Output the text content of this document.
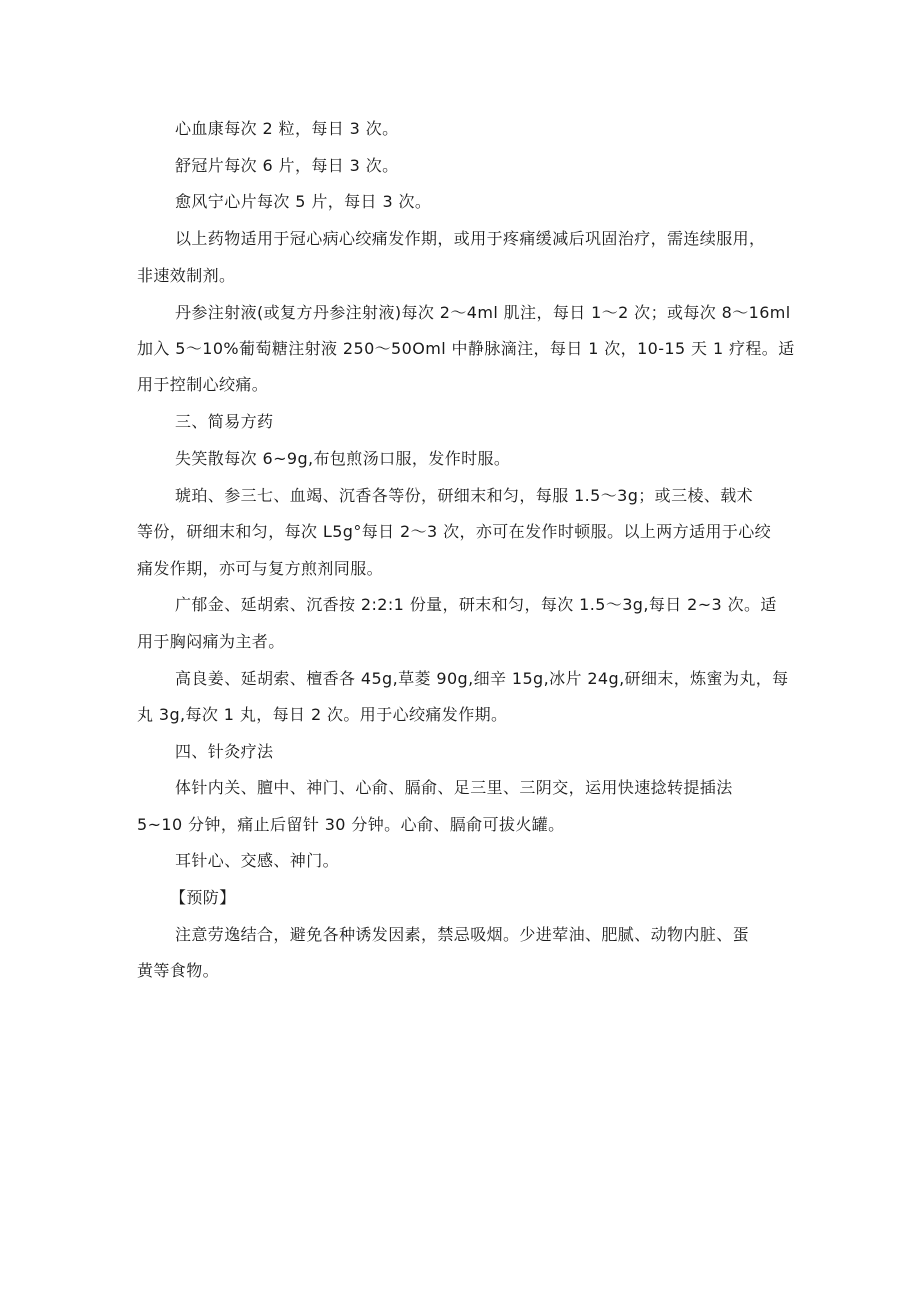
心血康每次 2 粒，每日 3 次。
舒冠片每次 6 片，每日 3 次。
愈风宁心片每次 5 片，每日 3 次。
以上药物适用于冠心病心绞痛发作期，或用于疼痛缓减后巩固治疗，需连续服用，
非速效制剂。
丹参注射液(或复方丹参注射液)每次 2～4ml 肌注，每日 1～2 次；或每次 8～16ml
加入 5～10%葡萄糖注射液 250～50Oml 中静脉滴注，每日 1 次，10-15 天 1 疗程。适
用于控制心绞痛。
三、简易方药
失笑散每次 6~9g,布包煎汤口服，发作时服。
琥珀、参三七、血竭、沉香各等份，研细末和匀，每服 1.5～3g；或三棱、载术
等份，研细末和匀，每次 L5g°每日 2～3 次，亦可在发作时顿服。以上两方适用于心绞
痛发作期，亦可与复方煎剂同服。
广郁金、延胡索、沉香按 2:2:1 份量，研末和匀，每次 1.5～3g,每日 2~3 次。适
用于胸闷痛为主者。
高良姜、延胡索、檀香各 45g,草菱 90g,细辛 15g,冰片 24g,研细末，炼蜜为丸，每
丸 3g,每次 1 丸，每日 2 次。用于心绞痛发作期。
四、针灸疗法
体针内关、膻中、神门、心俞、膈俞、足三里、三阴交，运用快速捻转提插法
5~10 分钟，痛止后留针 30 分钟。心俞、膈俞可拔火罐。
耳针心、交感、神门。
【预防】
注意劳逸结合，避免各种诱发因素，禁忌吸烟。少进荤油、肥腻、动物内脏、蛋
黄等食物。
